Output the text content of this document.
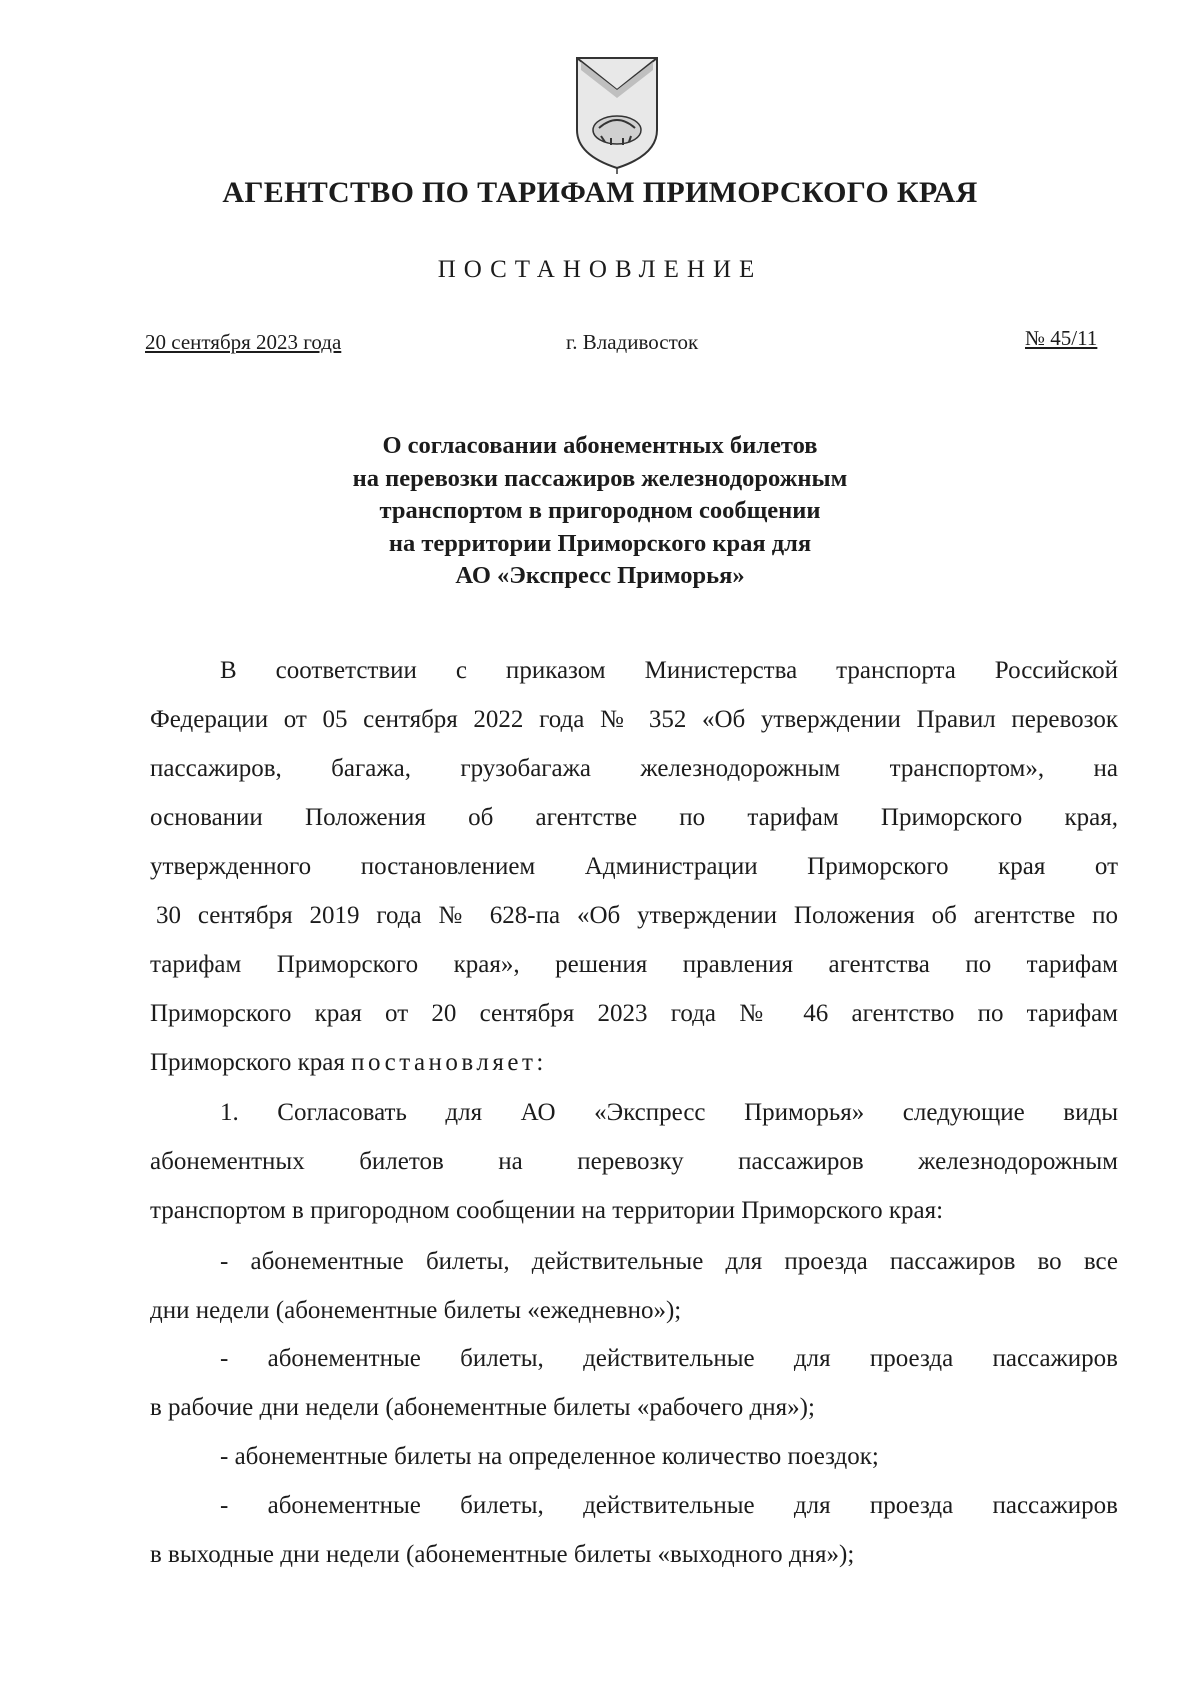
АГЕНТСТВО ПО ТАРИФАМ ПРИМОРСКОГО КРАЯ
ПОСТАНОВЛЕНИЕ
20 сентября 2023 года	г. Владивосток	№ 45/11
О согласовании абонементных билетов
на перевозки пассажиров железнодорожным
транспортом в пригородном сообщении
на территории Приморского края для
АО «Экспресс Приморья»
В соответствии с приказом Министерства транспорта Российской
Федерации от 05 сентября 2022 года № 352 «Об утверждении Правил перевозок
пассажиров, багажа, грузобагажа железнодорожным транспортом», на
основании Положения об агентстве по тарифам Приморского края,
утвержденного постановлением Администрации Приморского края от
30 сентября 2019 года № 628-па «Об утверждении Положения об агентстве по
тарифам Приморского края», решения правления агентства по тарифам
Приморского края от 20 сентября 2023 года № 46 агентство по тарифам
Приморского края постановляет:
1. Согласовать для АО «Экспресс Приморья» следующие виды
абонементных билетов на перевозку пассажиров железнодорожным
транспортом в пригородном сообщении на территории Приморского края:
- абонементные билеты, действительные для проезда пассажиров во все
дни недели (абонементные билеты «ежедневно»);
- абонементные билеты, действительные для проезда пассажиров
в рабочие дни недели (абонементные билеты «рабочего дня»);
- абонементные билеты на определенное количество поездок;
- абонементные билеты, действительные для проезда пассажиров
в выходные дни недели (абонементные билеты «выходного дня»);
